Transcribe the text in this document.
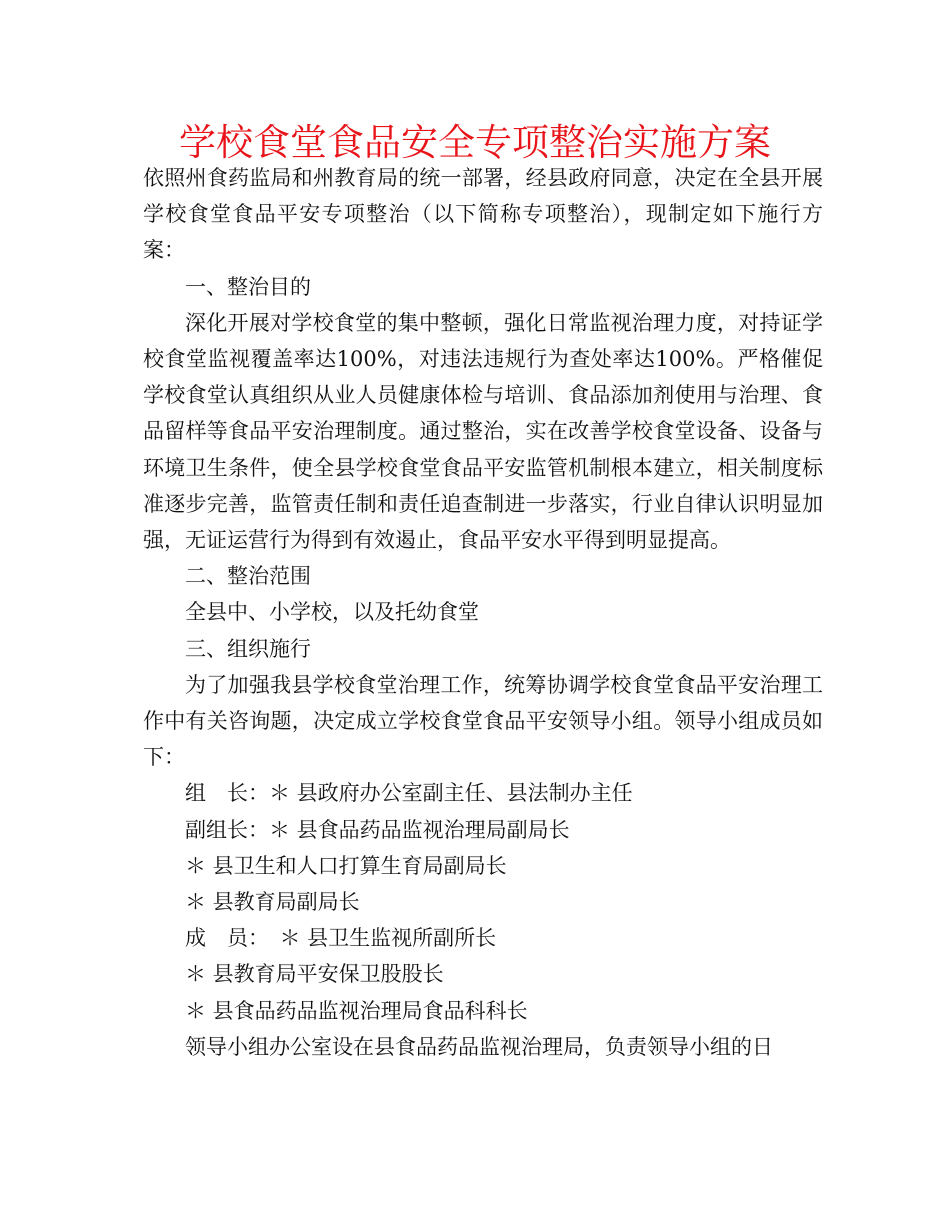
学校食堂食品安全专项整治实施方案

依照州食药监局和州教育局的统一部署，经县政府同意，决定在全县开展学校食堂食品平安专项整治（以下简称专项整治），现制定如下施行方案：

一、整治目的

深化开展对学校食堂的集中整顿，强化日常监视治理力度，对持证学校食堂监视覆盖率达100%，对违法违规行为查处率达100%。严格催促学校食堂认真组织从业人员健康体检与培训、食品添加剂使用与治理、食品留样等食品平安治理制度。通过整治，实在改善学校食堂设备、设备与环境卫生条件，使全县学校食堂食品平安监管机制根本建立，相关制度标准逐步完善，监管责任制和责任追查制进一步落实，行业自律认识明显加强，无证运营行为得到有效遏止，食品平安水平得到明显提高。

二、整治范围

全县中、小学校，以及托幼食堂

三、组织施行

为了加强我县学校食堂治理工作，统筹协调学校食堂食品平安治理工作中有关咨询题，决定成立学校食堂食品平安领导小组。领导小组成员如下：

组　长：＊ 县政府办公室副主任、县法制办主任

副组长：＊ 县食品药品监视治理局副局长

＊ 县卫生和人口打算生育局副局长

＊ 县教育局副局长

成　员：　＊ 县卫生监视所副所长

＊ 县教育局平安保卫股股长

＊ 县食品药品监视治理局食品科科长

领导小组办公室设在县食品药品监视治理局，负责领导小组的日
